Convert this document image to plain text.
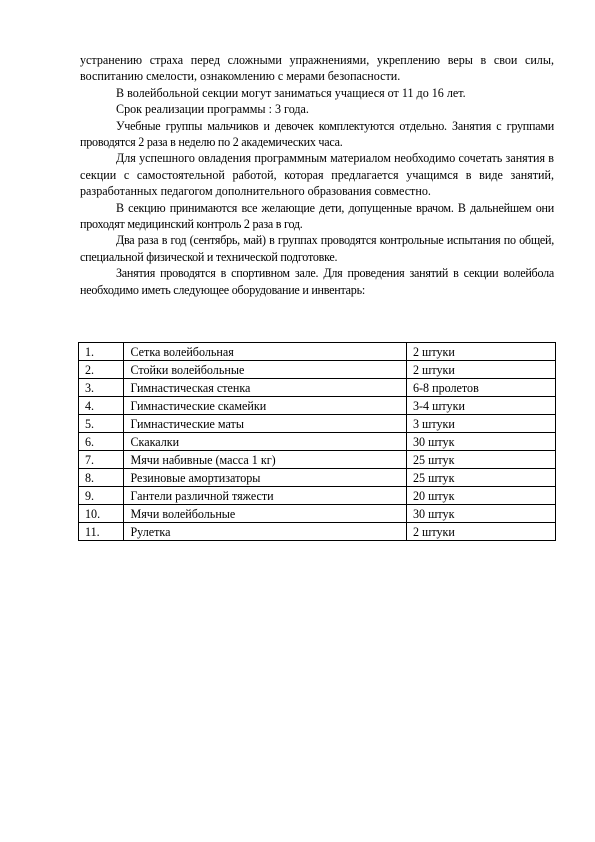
устранению страха перед сложными упражнениями, укреплению веры в свои силы, воспитанию смелости, ознакомлению с мерами безопасности.

В волейбольной секции могут заниматься учащиеся от 11 до 16 лет.

Срок реализации программы : 3 года.

Учебные группы мальчиков и девочек комплектуются отдельно. Занятия с группами проводятся 2 раза в неделю по 2 академических часа.

Для успешного овладения программным материалом необходимо сочетать занятия в секции с самостоятельной работой, которая предлагается учащимся в виде занятий, разработанных педагогом дополнительного образования совместно.

В секцию принимаются все желающие дети, допущенные врачом. В дальнейшем они проходят медицинский контроль 2 раза в год.

Два раза в год (сентябрь, май) в группах проводятся контрольные испытания по общей, специальной физической и технической подготовке.

Занятия проводятся в спортивном зале. Для проведения занятий в секции волейбола необходимо иметь следующее оборудование и инвентарь:

1.	Сетка волейбольная	2 штуки
2.	Стойки волейбольные	2 штуки
3.	Гимнастическая стенка	6-8 пролетов
4.	Гимнастические скамейки	3-4 штуки
5.	Гимнастические маты	3 штуки
6.	Скакалки	30 штук
7.	Мячи набивные (масса 1 кг)	25 штук
8.	Резиновые амортизаторы	25 штук
9.	Гантели различной тяжести	20 штук
10.	Мячи волейбольные	30 штук
11.	Рулетка	2 штуки
